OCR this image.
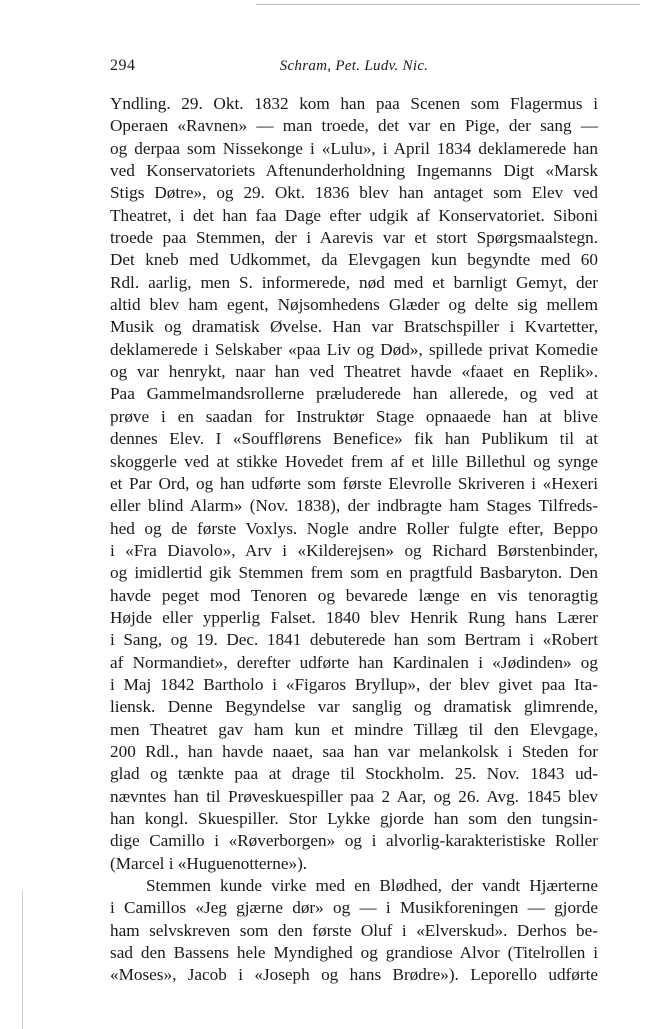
294	Schram, Pet. Ludv. Nic.
Yndling. 29. Okt. 1832 kom han paa Scenen som Flagermus i
Operaen «Ravnen» — man troede, det var en Pige, der sang —
og derpaa som Nissekonge i «Lulu», i April 1834 deklamerede han
ved Konservatoriets Aftenunderholdning Ingemanns Digt «Marsk
Stigs Døtre», og 29. Okt. 1836 blev han antaget som Elev ved
Theatret, i det han faa Dage efter udgik af Konservatoriet. Siboni
troede paa Stemmen, der i Aarevis var et stort Spørgsmaalstegn.
Det kneb med Udkommet, da Elevgagen kun begyndte med 60
Rdl. aarlig, men S. informerede, nød med et barnligt Gemyt, der
altid blev ham egent, Nøjsomhedens Glæder og delte sig mellem
Musik og dramatisk Øvelse. Han var Bratschspiller i Kvartetter,
deklamerede i Selskaber «paa Liv og Død», spillede privat Komedie
og var henrykt, naar han ved Theatret havde «faaet en Replik».
Paa Gammelmandsrollerne præluderede han allerede, og ved at
prøve i en saadan for Instruktør Stage opnaaede han at blive
dennes Elev. I «Soufflørens Benefice» fik han Publikum til at
skoggerle ved at stikke Hovedet frem af et lille Billethul og synge
et Par Ord, og han udførte som første Elevrolle Skriveren i «Hexeri
eller blind Alarm» (Nov. 1838), der indbragte ham Stages Tilfreds-
hed og de første Voxlys. Nogle andre Roller fulgte efter, Beppo
i «Fra Diavolo», Arv i «Kilderejsen» og Richard Børstenbinder,
og imidlertid gik Stemmen frem som en pragtfuld Basbaryton. Den
havde peget mod Tenoren og bevarede længe en vis tenoragtig
Højde eller ypperlig Falset. 1840 blev Henrik Rung hans Lærer
i Sang, og 19. Dec. 1841 debuterede han som Bertram i «Robert
af Normandiet», derefter udførte han Kardinalen i «Jødinden» og
i Maj 1842 Bartholo i «Figaros Bryllup», der blev givet paa Ita-
liensk. Denne Begyndelse var sanglig og dramatisk glimrende,
men Theatret gav ham kun et mindre Tillæg til den Elevgage,
200 Rdl., han havde naaet, saa han var melankolsk i Steden for
glad og tænkte paa at drage til Stockholm. 25. Nov. 1843 ud-
nævntes han til Prøveskuespiller paa 2 Aar, og 26. Avg. 1845 blev
han kongl. Skuespiller. Stor Lykke gjorde han som den tungsin-
dige Camillo i «Røverborgen» og i alvorlig-karakteristiske Roller
(Marcel i «Huguenotterne»).
Stemmen kunde virke med en Blødhed, der vandt Hjærterne
i Camillos «Jeg gjærne dør» og — i Musikforeningen — gjorde
ham selvskreven som den første Oluf i «Elverskud». Derhos be-
sad den Bassens hele Myndighed og grandiose Alvor (Titelrollen i
«Moses», Jacob i «Joseph og hans Brødre»). Leporello udførte
